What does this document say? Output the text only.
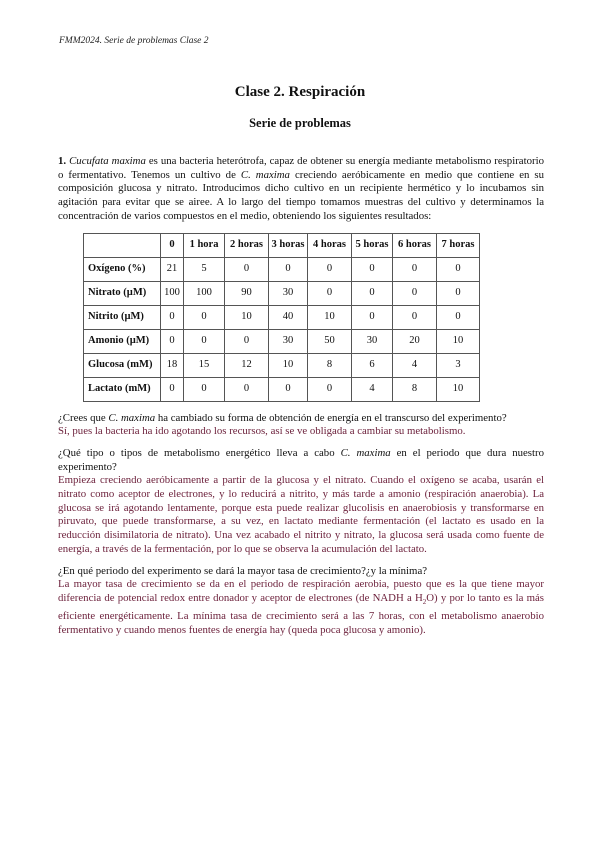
FMM2024. Serie de problemas Clase 2
Clase 2. Respiración
Serie de problemas

1. Cucufata maxima es una bacteria heterótrofa, capaz de obtener su energía mediante metabolismo respiratorio o fermentativo. Tenemos un cultivo de C. maxima creciendo aeróbicamente en medio que contiene en su composición glucosa y nitrato. Introducimos dicho cultivo en un recipiente hermético y lo incubamos sin agitación para evitar que se airee. A lo largo del tiempo tomamos muestras del cultivo y determinamos la concentración de varios compuestos en el medio, obteniendo los siguientes resultados:

	0	1 hora	2 horas	3 horas	4 horas	5 horas	6 horas	7 horas
Oxígeno (%)	21	5	0	0	0	0	0	0
Nitrato (µM)	100	100	90	30	0	0	0	0
Nitrito (µM)	0	0	10	40	10	0	0	0
Amonio (µM)	0	0	0	30	50	30	20	10
Glucosa (mM)	18	15	12	10	8	6	4	3
Lactato (mM)	0	0	0	0	0	4	8	10

¿Crees que C. maxima ha cambiado su forma de obtención de energía en el transcurso del experimento?

Sí, pues la bacteria ha ido agotando los recursos, así se ve obligada a cambiar su metabolismo.

¿Qué tipo o tipos de metabolismo energético lleva a cabo C. maxima en el periodo que dura nuestro experimento?

Empieza creciendo aeróbicamente a partir de la glucosa y el nitrato. Cuando el oxígeno se acaba, usarán el nitrato como aceptor de electrones, y lo reducirá a nitrito, y más tarde a amonio (respiración anaerobia). La glucosa se irá agotando lentamente, porque esta puede realizar glucolisis en anaerobiosis y transformarse en piruvato, que puede transformarse, a su vez, en lactato mediante fermentación (el lactato es usado en la reducción disimilatoria de nitrato). Una vez acabado el nitrito y nitrato, la glucosa será usada como fuente de energía, a través de la fermentación, por lo que se observa la acumulación del lactato.

¿En qué periodo del experimento se dará la mayor tasa de crecimiento?¿y la mínima?

La mayor tasa de crecimiento se da en el periodo de respiración aerobia, puesto que es la que tiene mayor diferencia de potencial redox entre donador y aceptor de electrones (de NADH a $H_2O$) y por lo tanto es la más eficiente energéticamente. La mínima tasa de crecimiento será a las 7 horas, con el metabolismo anaerobio fermentativo y cuando menos fuentes de energía hay (queda poca glucosa y amonio).
